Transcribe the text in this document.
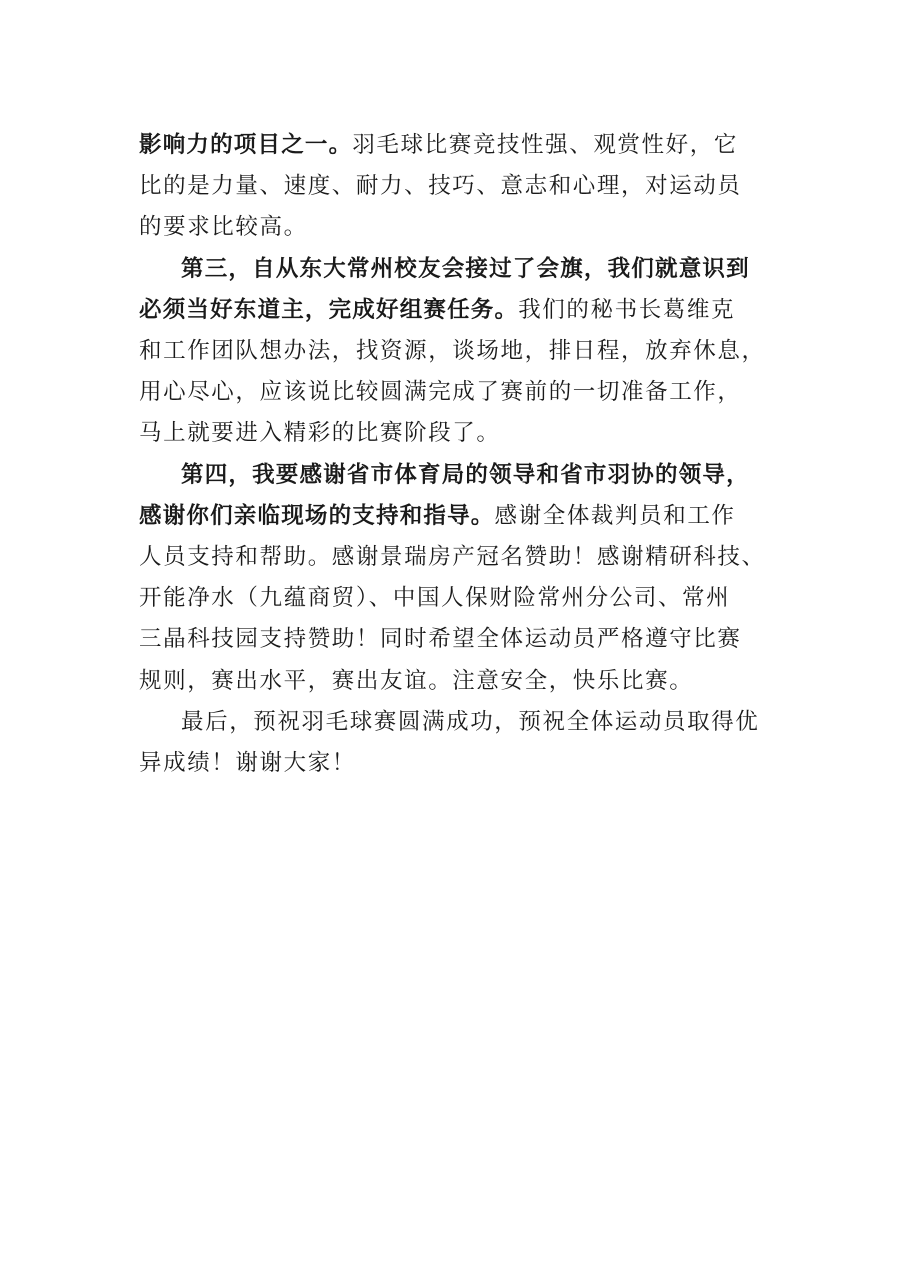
影响力的项目之一。羽毛球比赛竞技性强、观赏性好，它
比的是力量、速度、耐力、技巧、意志和心理，对运动员
的要求比较高。

第三，自从东大常州校友会接过了会旗，我们就意识到
必须当好东道主，完成好组赛任务。我们的秘书长葛维克
和工作团队想办法，找资源，谈场地，排日程，放弃休息，
用心尽心，应该说比较圆满完成了赛前的一切准备工作，
马上就要进入精彩的比赛阶段了。

第四，我要感谢省市体育局的领导和省市羽协的领导，
感谢你们亲临现场的支持和指导。感谢全体裁判员和工作
人员支持和帮助。感谢景瑞房产冠名赞助！感谢精研科技、
开能净水（九蕴商贸）、中国人保财险常州分公司、常州
三晶科技园支持赞助！同时希望全体运动员严格遵守比赛
规则，赛出水平，赛出友谊。注意安全，快乐比赛。

最后，预祝羽毛球赛圆满成功，预祝全体运动员取得优
异成绩！谢谢大家！
